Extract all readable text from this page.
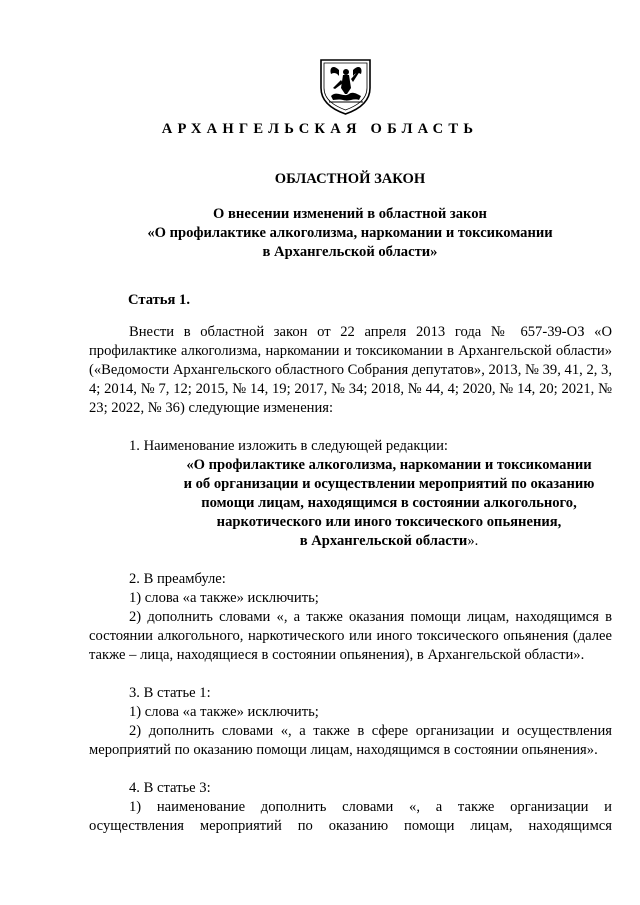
АРХАНГЕЛЬСКАЯ ОБЛАСТЬ
ОБЛАСТНОЙ ЗАКОН
О внесении изменений в областной закон
«О профилактике алкоголизма, наркомании и токсикомании
в Архангельской области»
Статья 1.

Внести в областной закон от 22 апреля 2013 года № 657-39-ОЗ «О профилактике алкоголизма, наркомании и токсикомании в Архангельской области» («Ведомости Архангельского областного Собрания депутатов», 2013, № 39, 41, 2, 3, 4; 2014, № 7, 12; 2015, № 14, 19; 2017, № 34; 2018, № 44, 4; 2020, № 14, 20; 2021, № 23; 2022, № 36) следующие изменения:

1. Наименование изложить в следующей редакции:

«О профилактике алкоголизма, наркомании и токсикомании
и об организации и осуществлении мероприятий по оказанию
помощи лицам, находящимся в состоянии алкогольного,
наркотического или иного токсического опьянения,
в Архангельской области».

2. В преамбуле:

1) слова «а также» исключить;

2) дополнить словами «, а также оказания помощи лицам, находящимся в состоянии алкогольного, наркотического или иного токсического опьянения (далее также – лица, находящиеся в состоянии опьянения), в Архангельской области».

3. В статье 1:

1) слова «а также» исключить;

2) дополнить словами «, а также в сфере организации и осуществления мероприятий по оказанию помощи лицам, находящимся в состоянии опьянения».

4. В статье 3:

1) наименование дополнить словами «, а также организации и осуществления мероприятий по оказанию помощи лицам, находящимся
